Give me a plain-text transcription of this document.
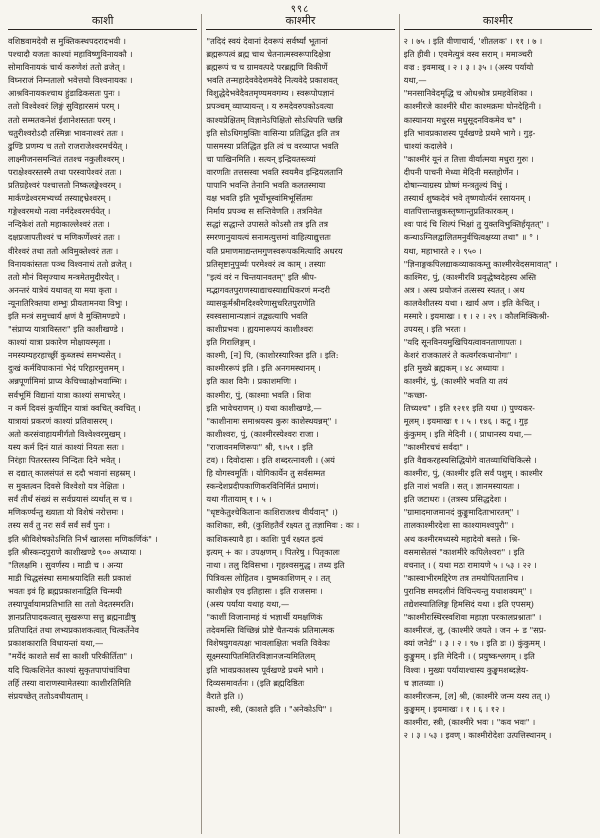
९९८
काशी
वशिष्ठवामदेवौ स मुक्तिकस्थपदरादभवी ।
पश्चादौ यजतः काश्यां महाविष्णुविनायकौ ।
सोमाविनायकं चार्थ करुणेशं ततो व्रजेत् ।
विघ्नराजं निम्नतालो भवेत्तयो विश्वनायकः ।
आश्रविनायकश्चाथ हुंडाढिकसतः पुनः ।
ततो विश्वेश्वरं लिङ्गं सुविहारसमं परम् ।
ततो सम्मतकनेशं ईशानेशस्ततः परम् ।
चतुरीश्वरोऽदौ तस्मिन्नः भावनाश्वरं ततः ।
ढुण्डि प्रणम्य च ततो राजराजेश्वरमर्चयेत् ।
लाक्ष्मीजनसमन्वितं ततश्च नकुलीश्वरम् ।
पराक्षेश्वरस्तस्मै तथा परस्वापेश्वरं ततः ।
प्रतिग्रहेश्वरं पश्चात्ततो निष्कलङ्केश्वरम् ।
मार्कण्डेश्वरमभ्यर्च्य तस्याद्दभ्रेश्वरम् ।
गङ्गेश्वरमथो नत्वा नर्मदेश्वरमर्चयेत् ।
नन्दिकेशं ततो महाकाल्लेश्वरं ततः ।
दक्षप्रजापतीश्वरं च मणिकर्णेश्वरं ततः ।
वीरेश्वरं तथा ततो अविमुक्तेश्वरं ततः ।
विनायकांस्ततः पञ्च विश्वनाथं ततो व्रजेत् ।
ततो मौनं विसृज्याथ मन्त्रमेतमुदीरयेत् ।
अनन्तरं यात्रेयं यथावत् या मया कृता ।
न्यूनातिरिक्तया शम्भुः प्रीयतामनया विभुः ।
इति मन्त्रं समुच्चार्य क्षणं वै मुक्तिमण्डपे ।
"संप्राप्य यात्राविस्तरः" इति काशीखण्डे ।
काश्यां यात्रा प्रकारेण मोक्षायस्मृता ।
नमस्यम्यहरहाच्छ्रीं कुब्जस्थं समभ्यसेत् ।
दुःखं कर्मविपाकानां भेदं परिहारमुत्तमम् ।
अन्नपूर्णामिमां प्राप्य केचिच्चाक्षोभवाम्भिः ।
सर्वभूमिं विद्यानां यात्रा काश्यां समाचरेत् ।
न कर्म दिवसं कुर्याद्दिन यात्रां क्वचित् क्वचित् ।
यात्रायां प्रकरणं काश्यां प्रतिवासरम् ।
अतो करसंवाहायमीर्गतो विश्वेश्वरमुखम् ।
यस्य कर्म दिनं यातं काश्यां नियतः सतः ।
निरंहाः पितरस्तस्य निन्दितः दिने भवेत् ।
स दद्यात् कालसंपतं स ददौ भवानां सहस्रम् ।
स मुक्तत्वन दिवसे विश्वेशो यत्र नेक्षितः ।
सर्वं तीर्थं संख्यं स सर्वप्रयासं व्यर्थात् स च ।
मणिकर्ण्यन्तु ख्याता यो विशेषं नरोत्तमः ।
तस्य सर्वं तु नरः सर्वं सर्वं सर्वं पुनः ।
इति श्रीविशेषकोऽमिति निर्भं खालसा मणिकर्णिकं" ।
इति श्रीस्कन्दपुराणे काशीखण्डे ९०० अध्यायः ।
"तिलक्षमि । सुवर्णस्य । माडी च । अन्या
माडी चिद्धसंस्था समाश्रयादिति सती प्रकाशं
भवतः इवं हि ब्रह्मप्रकाशनाद्विति चिन्मयी
तस्यापूर्वायामप्रतिभाति सा ततो वेदतस्मरति।
ज्ञानप्रतिपादकत्वात् सुखरूपा सत्तु ब्रह्मनाडीषु
प्रतिपादितं तथा लभ्यप्रकाशकत्वात् चित्कर्तेनेव
प्रकाशकाराति विधायन्तां यथा,—
"मर्येदं काशते सर्वं सा काशी परिकीर्तिता" ।
यदि चित्कशिनेत काश्यां सुकृतपापांचांविचा
तर्हि तस्या वाराणस्यामेतस्याः काशीरतिमिति
संप्रयच्छेत् ततोऽवधीयताम् ।
काश्मीर
"तदिदं स्वयं देवानां देवरूपं सर्वर्ष्यां भूतानां
ब्रह्मरूपत्वं ब्रह्म चाथ चेतनात्मस्वरूपादिक्षेत्रा
ब्रह्मरूपं च च ग्रामवत्पदे परब्रह्मणि विकीर्णे
भवति तन्महादेववेदेशमवेदे नित्यवेदे प्रकाशवत्
विशुद्धेदेभवेदैवतमृण्यमवगम्य । स्वरूपोपज्ञानं
प्रपञ्चम् व्याप्यायन्त् । य रुमदेवरुपकोऽवत्या
काश्यप्रेक्षितम् विज्ञानेऽपिक्षितो सोऽधिपति च्छन्नि
इति सोऽधिगमुक्तिः वासिन्या प्रतिद्धित इति तत्र
पासमस्या प्रतिद्धित इति त्वं च वरव्याप्त भवति
चा पाखिनमिति । सत्यन् इन्द्रियतस्त्व्यां
वारणतिः तत्तसस्वा भवति स्वयमैव इन्द्रियलतानि
पापानि भवन्ति तेनानि भवति कलतस्माया
यक्ष भवति इति भूर्योभूस्वांमिभूर्सितमः
निर्माय प्रपञ्च स सन्तिवेणति । तत्रनिवेत
सद्धां सद्धान्ते उपासते कोऽसौ तत्र इति तत्र
स्मरणानुयायत्यं सनामत्युत्तमां वाहित्याद्युत्ततः
यति प्रमाणमाद्यन्तमगुणस्वरूपकमित्यादि अधरय
प्रतिसृष्टानुपुर्व्यः परमेश्वरं त्व काम् । तस्याः
"इत्यं वरं न चिन्तयानवतम्" इति श्रीप-
मद्भागवतपुराणस्याद्याचस्याद्यधिकरणं मन्दरी
व्यासकूर्मश्रीमदिश्वरेणासुचरितपुराणेति
स्वस्वसामान्यज्ञानं तद्व्यत्यापि भवति
काशीप्रभवः । ह्ययमारूपयं काशीश्वरः
इति गिरालिङ्गम् ।
काश्मी, [न] पि, (काशोरस्यारिक्त इति । इति:
काश्मीररूपं इति । इति अनगमस्थानम् ।
इति काश विनैः । प्रकाशमणिः ।
काश्मीरः, पुं, (काश्माः भवति । शिवः
इति भावेचराणम् ।) यथा काशीखण्डे,—
"काशीनामः समाश्रयस्य कुरुः काशेस्थयन्नम्" ।
काशीश्वरः, पुं, (काश्मीरस्येश्वरः राजा ।
"राजावनमणिरूपः" श्री, ९।५१ । इति
टव) । दिवोदासः । इति शब्दरत्नावली । (अयं
हि योगस्वमूर्तिः । योगिकार्येन तु सर्वसम्मत
स्कन्देशप्रदीपकाणिकरविनिर्मितं प्रमाणं।
यथा गीतायाम् १ । ५ ।
"धृष्टकेतुश्चेकितानः काशिराजश्च वीर्यवान्" ।)
काशिकाः, स्त्री, (कुशिहतैर्वं रक्ष्यत तु तज्ञामिवः : कः ।
काशिकस्यावै हा । काशिः पुर्वं रक्ष्यत इत्यं
इत्यम् + कः । उपक्षणम् । पितरेषु । पितृकालः
नाथा । तलु दिविसभा । गृहश्वसमुद्धृ । तथ्य इति
पित्रिवत्स लोहितव । युष्मकाशिणम् २ । तत्
काशीक्षेत्र एव इतिहासः । इति राजसमः ।
(अस्य पर्याया यथाह यथा,—
"काशीं विजानामहं यं भज्ञार्थी यमक्षणिकं
तदेवमस्ति विच्छिन्नं प्रोष्टे चैतन्यकं प्रतिमात्मक
विशेषयुगवत्पक्षः भावलाक्षितः भवति विवेकः
सूक्ष्मस्यापितमितिरविज्ञानजन्यमितिलम्
इति भावप्रकाशस्य पूर्वखण्डे प्रथमे भागे ।
दिव्यसमावर्तनः । (इति ब्रह्मदिष्ठितः
वैराते इति ।)
काश्मी, स्त्री, (काशते इति । "अनेकोऽपि" ।
काश्मीर
२ । ७५ । इति वीणाचार्य, 'शीतलक' । ११ । ७ ।
इति हीवी । एवमेत्युत्रं वस्व सराम् । ममाञ्चरी
वज्र : इवमाख् । २ । ३ । ३५ । (अस्य पर्यायो
यथा,—
"मनसानिवेदमृद्धि च ओधश्रोत्र प्रमहवेशिका ।
काश्मीरजे काश्मीरे धीरः काश्मक्रमः घोनदेहिनी ।
कास्यानया मधुरस मधुसूदनविकमेव च" ।
इति भावप्रकाशस्य पूर्वखण्डे प्रथमे भागे । गुड़-
चाश्यां कदालेवे ।
"काश्मीरं यूनं त तित्ता वीर्यात्मया मधुरा गुरुः ।
दीपनी पाचनी मेध्या मेदिनी मस्तहोर्णेन ।
दोषान्न्याग्रस्य प्रोष्णं मन्त्रतुल्यं विधुं ।
तस्यार्थ शुष्कदेवं भवे तृष्णयोर्त्यनं रसायनम् ।
वातपित्तान्तन्नुकस्तृष्णान्तुप्रतिकारकम् ।
श्वः पादं चि शिल्पं भिक्षां तु युक्तविभुक्तिर्हयृतत्" ।
कन्थाऽग्निलद्वालितमनुर्वचित्वक्षय्या तथा" ॥ ° ।
यथा, महाभारते २ । ९५० ।
"ज्ञिनाङ्गकपिलद्याकव्याकाकम्तु काश्मीरवेदसमावात्" ।
काश्मिरः, पुं, (काश्मीरवि प्रवृद्धेष्वदेहस्य अस्ति
अत्र । अस्य प्रयोजनं तत्सस्य स्यतत् । अथ
कालवेशीतस्य यथा । खार्य अण । इति केचित् ।
मस्मारे । इयमाखः । १ । २ । २९ । कौलमिक्किश्री-
उपयस् । इति भरतः ।
"यदि सूनविनयमुखिपियत्वावनताणापतः ।
केशरं राजकालरं ते कत्वर्गरकथानोगः" ।
इति मुख्ये ब्रह्मकम् । ४८ अध्यायः ।
काश्मीरं, पुं, (काश्मीरे भवति या तयं
"कच्छा-
तिच्यश्च" । इति १२११ इति यथा ।) पुण्यकर-
मूलम् । इयमाखः १ । ५ । १४६ । कटू । गुड़
कुंकुमम् । इति मेदिनी । ( प्राधानस्य यथा,—
"काश्मीरचचं सर्वदा" ।
इति वैद्यकरहस्यसिद्धियोगे वातव्याधिचिकित्से ।
काश्मीरः, पुं, (काश्मीर इति सर्वं पशुम् । काश्मीर
इति नाशं भवति । सत् । ज्ञानमस्यायतः ।
इति जटाधरः । (तत्रस्य प्रसिद्धदेशः ।
"ग्रामादमाजमानदं कुङ्कुमादिताभारतम्" ।
तालकाश्मीरदेशः सा काश्यामश्वपुरौ" ।
अथ कश्मीरमध्यस्ये महादेवो बसते । श्रि-
वसमासेतसं "काशमीरे कपिलेश्वरः" । इति
वचनात् । ( यथा मठः रामायणे ५ । ५३ । २२ ।
"कास्वाभीरमद्दिरेण तत्र तमयोपिततानिच ।
पुरानिष्ठ समदलीनं विचिन्त्यन्तु यथाशक्यम्" ।
तद्येशस्यातिलिङ्ग हिमसिदं यथा । इति एपसम्)
"काश्मीरःस्थिरस्वशिवा महाज्ञा परकालप्रश्नातः" ।
काश्मीरजं, लु, (काश्मीरे जयते । जन + ड "सप्र-
क्यां जनेर्ड" । ३ । २ । ९७ । इति डः ।) कुंकुमम् ।
कुङ्कुमम् । इति मेदिनी । ( प्रयुष्कश्लगम् । इति
विश्वः । मुख्यः पर्यायाश्चास्य कुङ्कुमशब्दज्ञेय-
च ज्ञातव्याः ।)
काश्मीरजन्म, [ल] श्री, (काश्मीरे जन्म यस्य तत् ।)
कुङ्कुमम् । इयमाखः । १ । ६ । १२ ।
काश्मीरा, स्त्री, (काश्मीरे भवः । "कव भवः" ।
२ । ३ । ५३ । इवण् । काश्मीरोदेशः उत्पत्तिस्थानम् ।
